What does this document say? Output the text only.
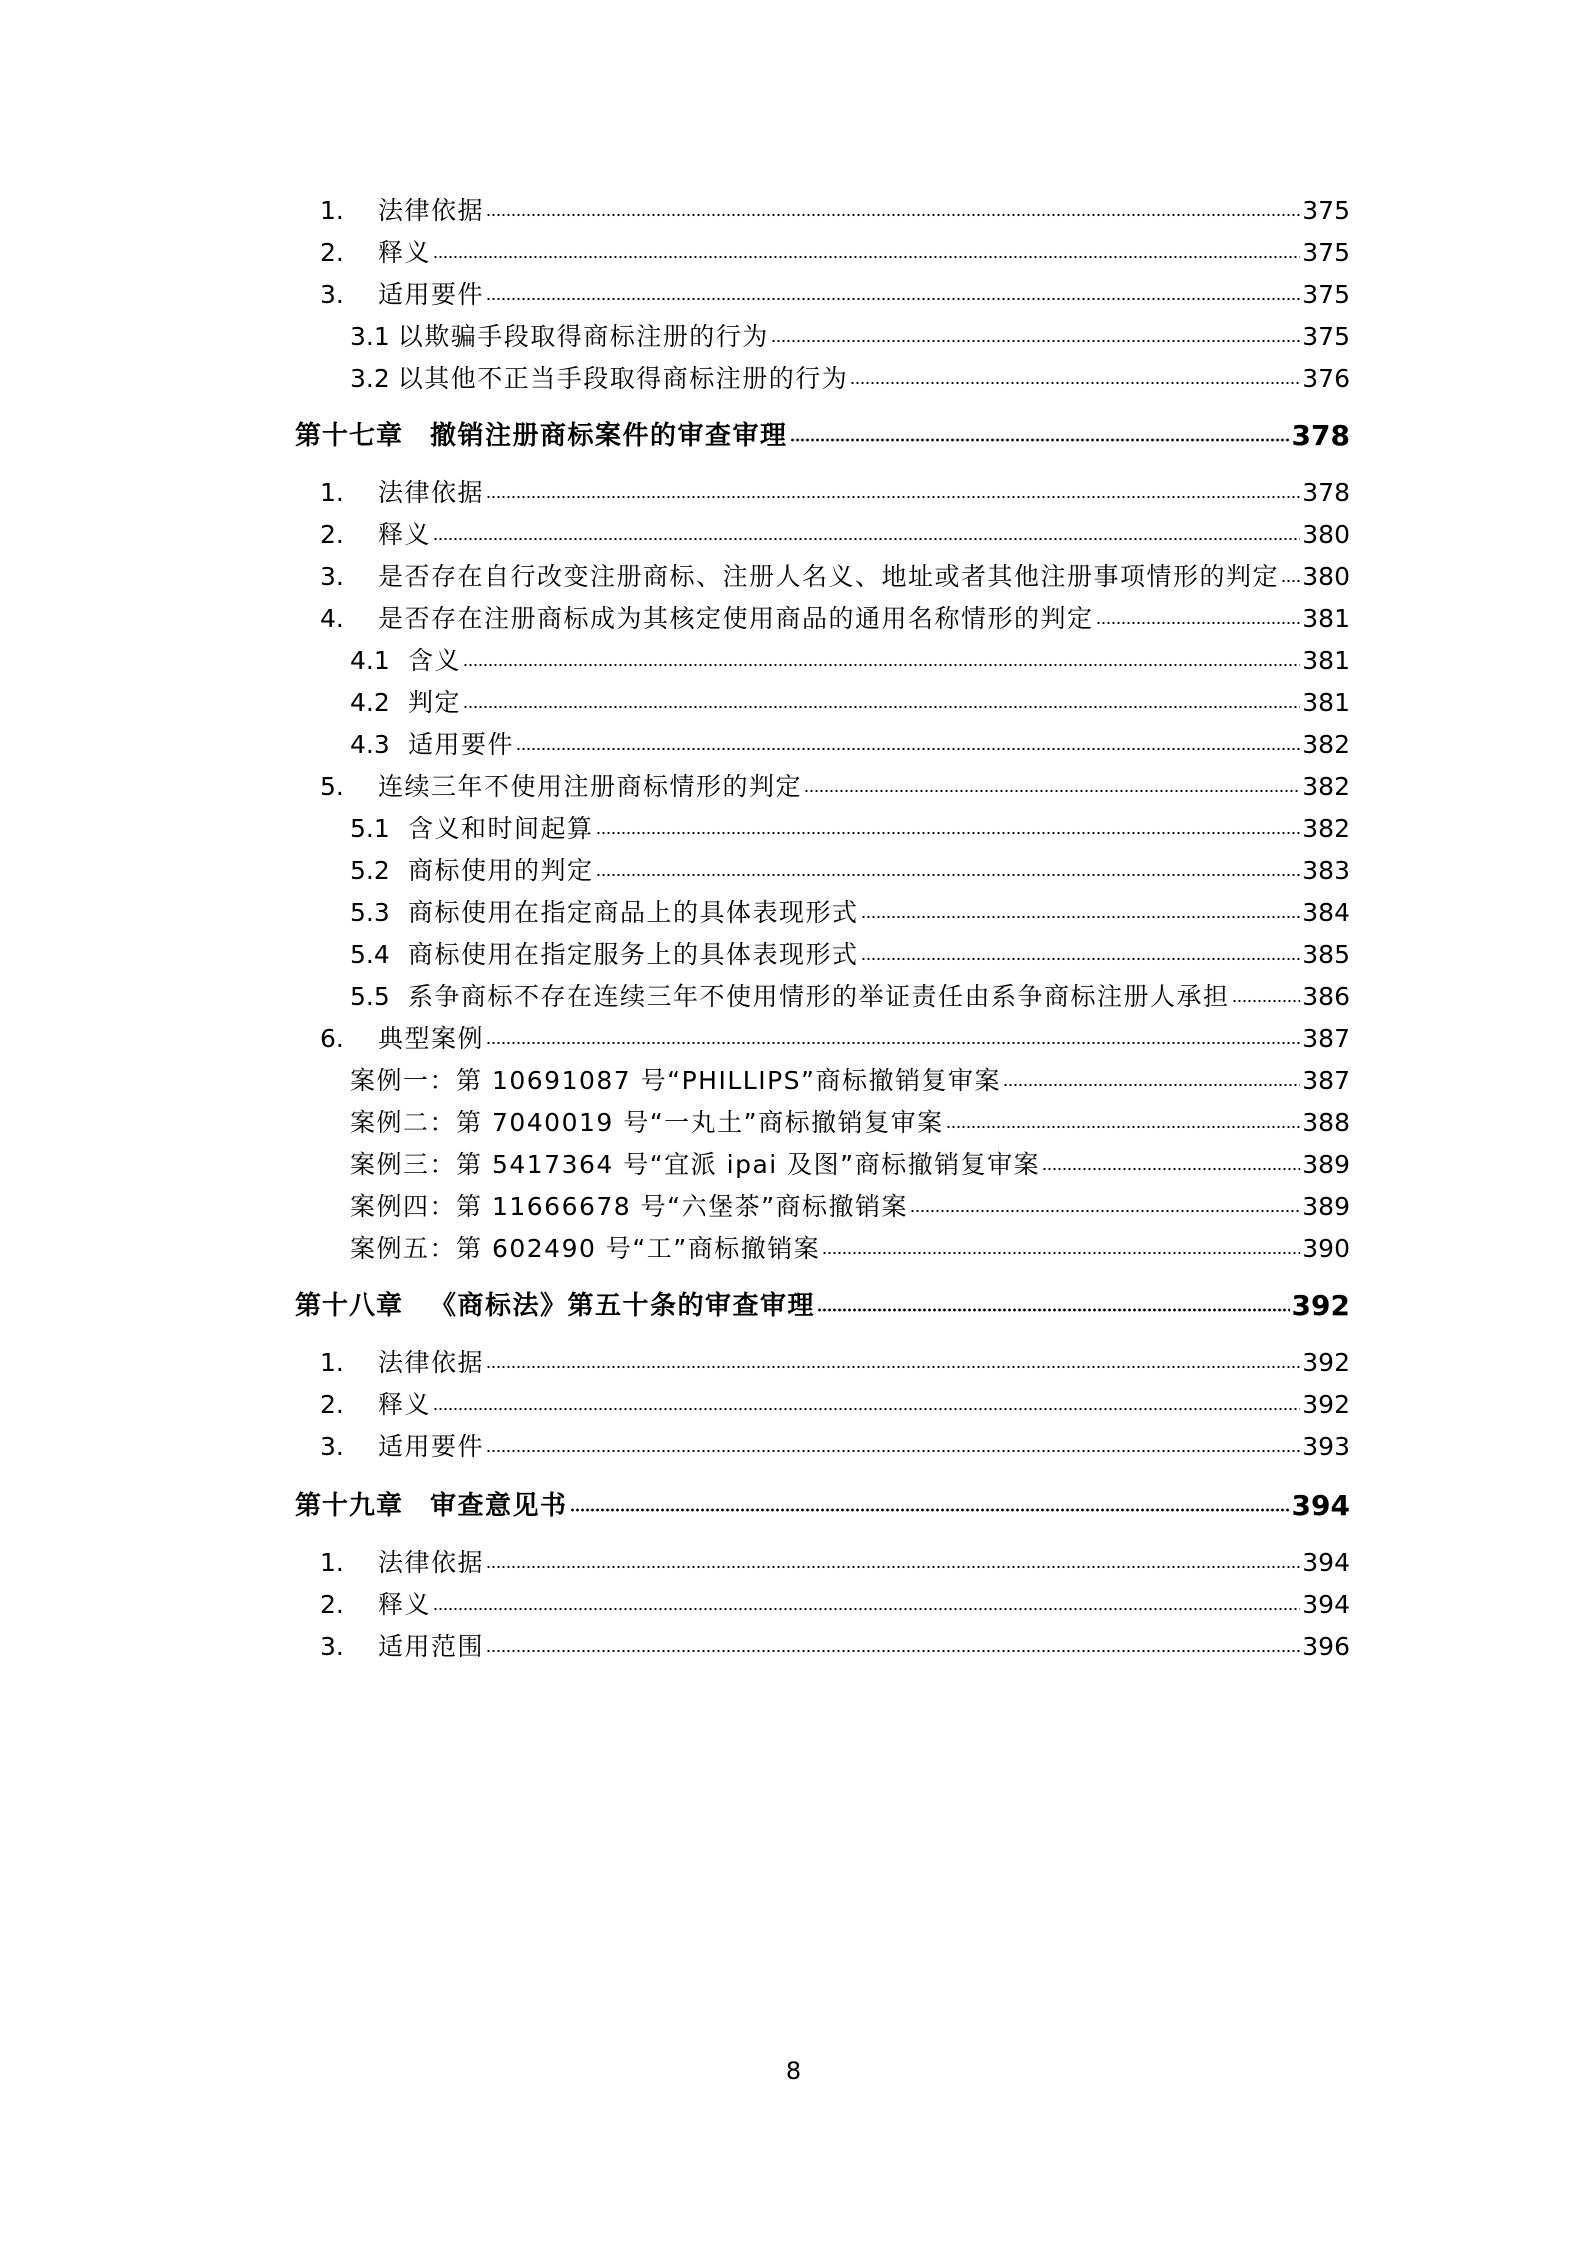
1.	法律依据	375
2.	释义	375
3.	适用要件	375
3.1 以欺骗手段取得商标注册的行为	375
3.2 以其他不正当手段取得商标注册的行为	376
第十七章	撤销注册商标案件的审查审理	378
1.	法律依据	378
2.	释义	380
3.	是否存在自行改变注册商标、注册人名义、地址或者其他注册事项情形的判定 380
4.	是否存在注册商标成为其核定使用商品的通用名称情形的判定	381
4.1 含义	381
4.2 判定	381
4.3 适用要件	382
5.	连续三年不使用注册商标情形的判定	382
5.1 含义和时间起算	382
5.2 商标使用的判定	383
5.3 商标使用在指定商品上的具体表现形式	384
5.4 商标使用在指定服务上的具体表现形式	385
5.5 系争商标不存在连续三年不使用情形的举证责任由系争商标注册人承担	386
6.	典型案例	387
案例一：第 10691087 号“PHILLIPS”商标撤销复审案	387
案例二：第 7040019 号“一丸土”商标撤销复审案	388
案例三：第 5417364 号“宜派 ipai 及图”商标撤销复审案	389
案例四：第 11666678 号“六堡茶”商标撤销案	389
案例五：第 602490 号“工”商标撤销案	390
第十八章	《商标法》第五十条的审查审理	392
1.	法律依据	392
2.	释义	392
3.	适用要件	393
第十九章	审查意见书	394
1.	法律依据	394
2.	释义	394
3.	适用范围	396
8
